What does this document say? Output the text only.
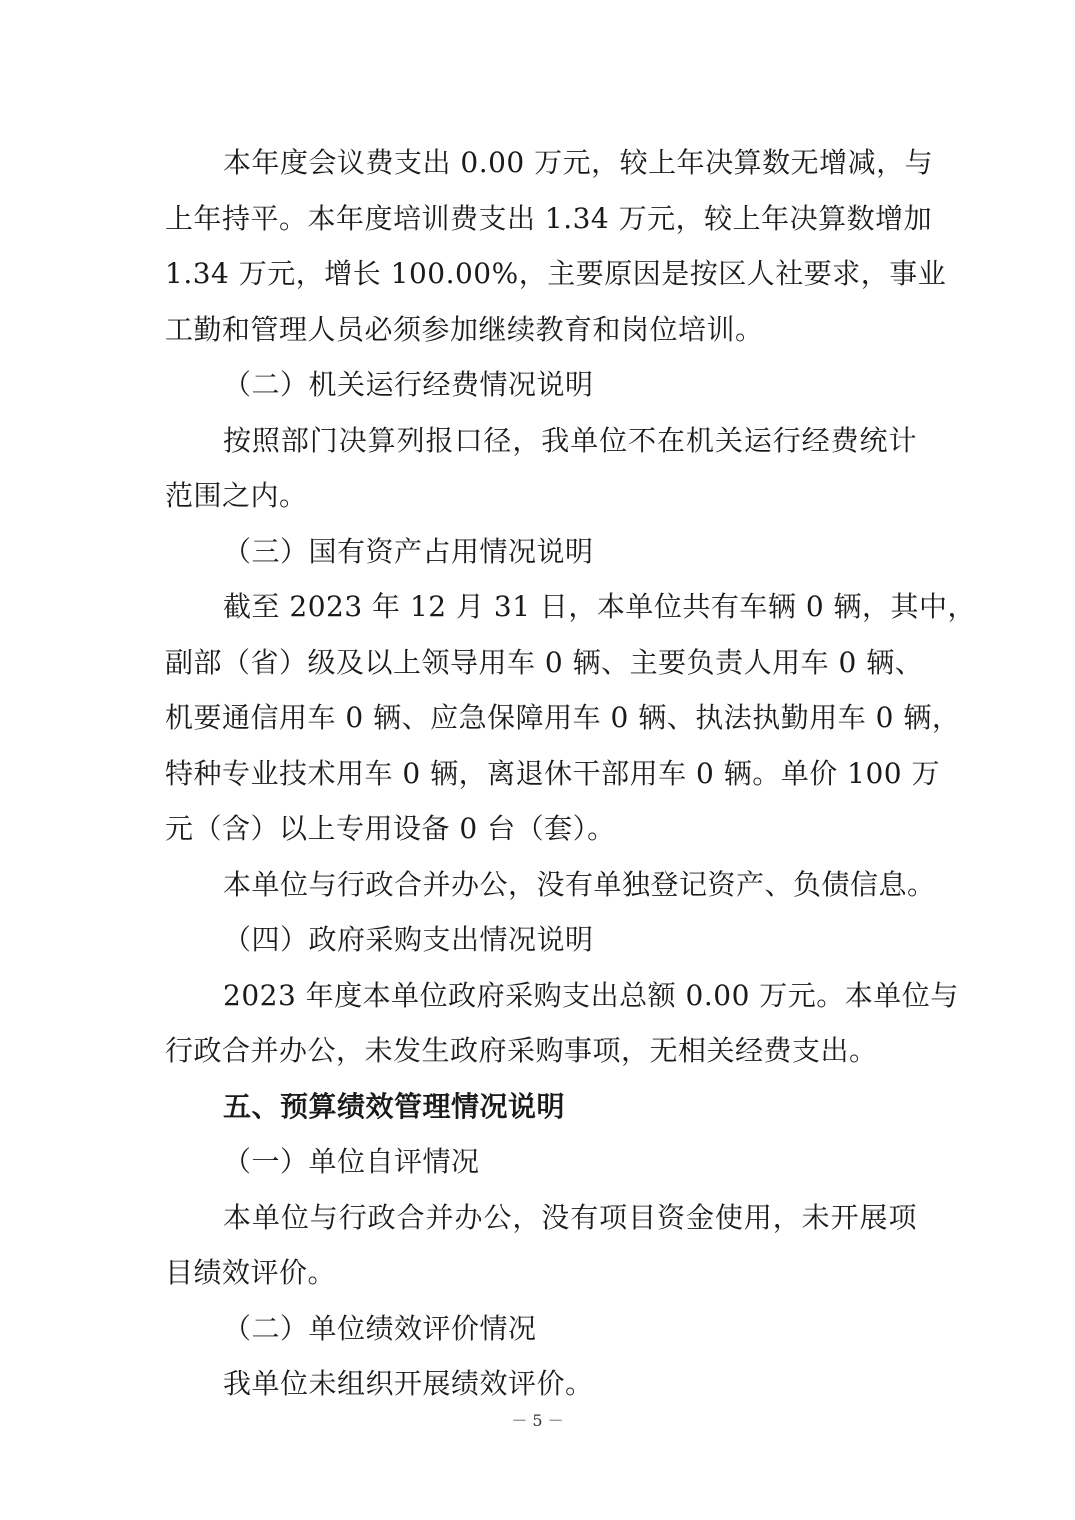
本年度会议费支出 0.00 万元，较上年决算数无增减，与
上年持平。本年度培训费支出 1.34 万元，较上年决算数增加
1.34 万元，增长 100.00%，主要原因是按区人社要求，事业
工勤和管理人员必须参加继续教育和岗位培训。
（二）机关运行经费情况说明
按照部门决算列报口径，我单位不在机关运行经费统计
范围之内。
（三）国有资产占用情况说明
截至 2023 年 12 月 31 日，本单位共有车辆 0 辆，其中，
副部（省）级及以上领导用车 0 辆、主要负责人用车 0 辆、
机要通信用车 0 辆、应急保障用车 0 辆、执法执勤用车 0 辆，
特种专业技术用车 0 辆，离退休干部用车 0 辆。单价 100 万
元（含）以上专用设备 0 台（套）。
本单位与行政合并办公，没有单独登记资产、负债信息。
（四）政府采购支出情况说明
2023 年度本单位政府采购支出总额 0.00 万元。本单位与
行政合并办公，未发生政府采购事项，无相关经费支出。
五、预算绩效管理情况说明
（一）单位自评情况
本单位与行政合并办公，没有项目资金使用，未开展项
目绩效评价。
（二）单位绩效评价情况
我单位未组织开展绩效评价。
－ 5 －
